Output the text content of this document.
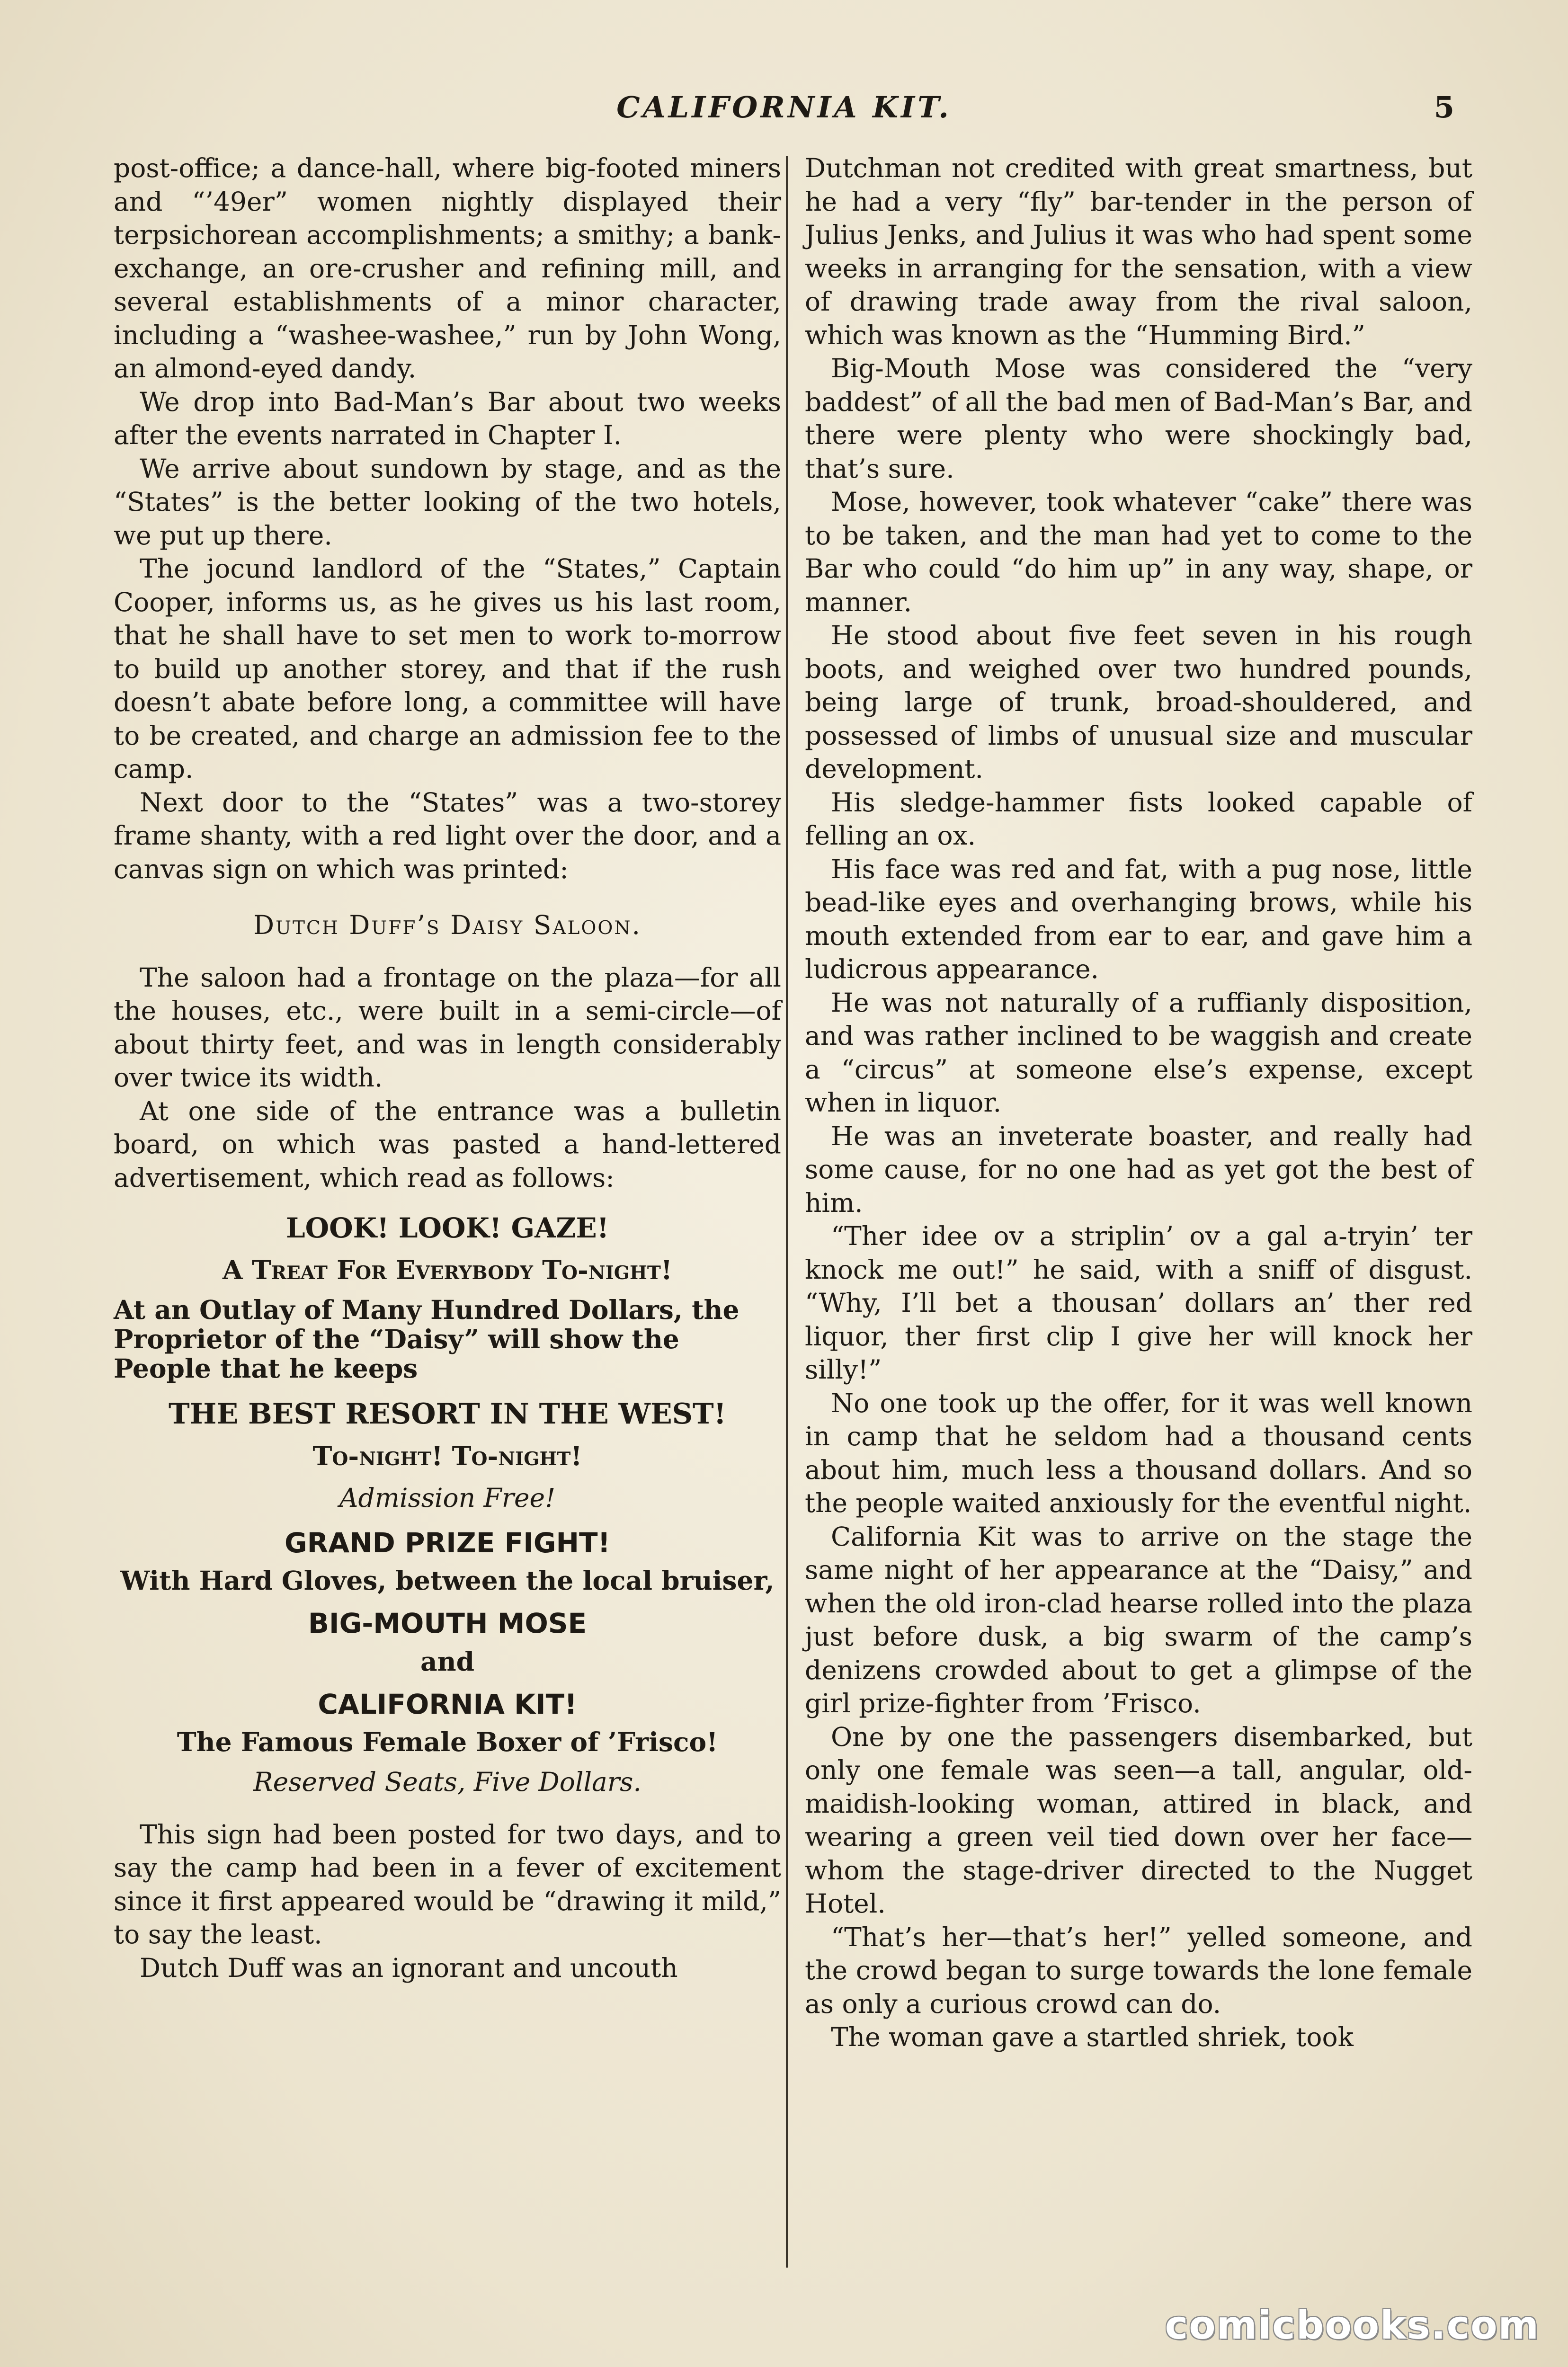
CALIFORNIA KIT.	5

post-office; a dance-hall, where big-footed miners and “’49er” women nightly displayed their terpsichorean accomplishments; a smithy; a bank-exchange, an ore-crusher and refining mill, and several establishments of a minor character, including a “washee-washee,” run by John Wong, an almond-eyed dandy.

We drop into Bad-Man’s Bar about two weeks after the events narrated in Chapter I.

We arrive about sundown by stage, and as the “States” is the better looking of the two hotels, we put up there.

The jocund landlord of the “States,” Captain Cooper, informs us, as he gives us his last room, that he shall have to set men to work to-morrow to build up another storey, and that if the rush doesn’t abate before long, a committee will have to be created, and charge an admission fee to the camp.

Next door to the “States” was a two-storey frame shanty, with a red light over the door, and a canvas sign on which was printed:

Dutch Duff’s Daisy Saloon.

The saloon had a frontage on the plaza—for all the houses, etc., were built in a semi-circle—of about thirty feet, and was in length considerably over twice its width.

At one side of the entrance was a bulletin board, on which was pasted a hand-lettered advertisement, which read as follows:

LOOK! LOOK! GAZE!
A Treat For Everybody To-night!
At an Outlay of Many Hundred Dollars, the Proprietor of the “Daisy” will show the People that he keeps
THE BEST RESORT IN THE WEST!
To-night! To-night!
Admission Free!
GRAND PRIZE FIGHT!
With Hard Gloves, between the local bruiser,
BIG-MOUTH MOSE
and
CALIFORNIA KIT!
The Famous Female Boxer of ’Frisco!
Reserved Seats, Five Dollars.

This sign had been posted for two days, and to say the camp had been in a fever of excitement since it first appeared would be “drawing it mild,” to say the least.

Dutch Duff was an ignorant and uncouth

Dutchman not credited with great smartness, but he had a very “fly” bar-tender in the person of Julius Jenks, and Julius it was who had spent some weeks in arranging for the sensation, with a view of drawing trade away from the rival saloon, which was known as the “Humming Bird.”

Big-Mouth Mose was considered the “very baddest” of all the bad men of Bad-Man’s Bar, and there were plenty who were shockingly bad, that’s sure.

Mose, however, took whatever “cake” there was to be taken, and the man had yet to come to the Bar who could “do him up” in any way, shape, or manner.

He stood about five feet seven in his rough boots, and weighed over two hundred pounds, being large of trunk, broad-shouldered, and possessed of limbs of unusual size and muscular development.

His sledge-hammer fists looked capable of felling an ox.

His face was red and fat, with a pug nose, little bead-like eyes and overhanging brows, while his mouth extended from ear to ear, and gave him a ludicrous appearance.

He was not naturally of a ruffianly disposition, and was rather inclined to be waggish and create a “circus” at someone else’s expense, except when in liquor.

He was an inveterate boaster, and really had some cause, for no one had as yet got the best of him.

“Ther idee ov a striplin’ ov a gal a-tryin’ ter knock me out!” he said, with a sniff of disgust. “Why, I’ll bet a thousan’ dollars an’ ther red liquor, ther first clip I give her will knock her silly!”

No one took up the offer, for it was well known in camp that he seldom had a thousand cents about him, much less a thousand dollars. And so the people waited anxiously for the eventful night.

California Kit was to arrive on the stage the same night of her appearance at the “Daisy,” and when the old iron-clad hearse rolled into the plaza just before dusk, a big swarm of the camp’s denizens crowded about to get a glimpse of the girl prize-fighter from ’Frisco.

One by one the passengers disembarked, but only one female was seen—a tall, angular, old-maidish-looking woman, attired in black, and wearing a green veil tied down over her face—whom the stage-driver directed to the Nugget Hotel.

“That’s her—that’s her!” yelled someone, and the crowd began to surge towards the lone female as only a curious crowd can do.

The woman gave a startled shriek, took

comicbooks.com
